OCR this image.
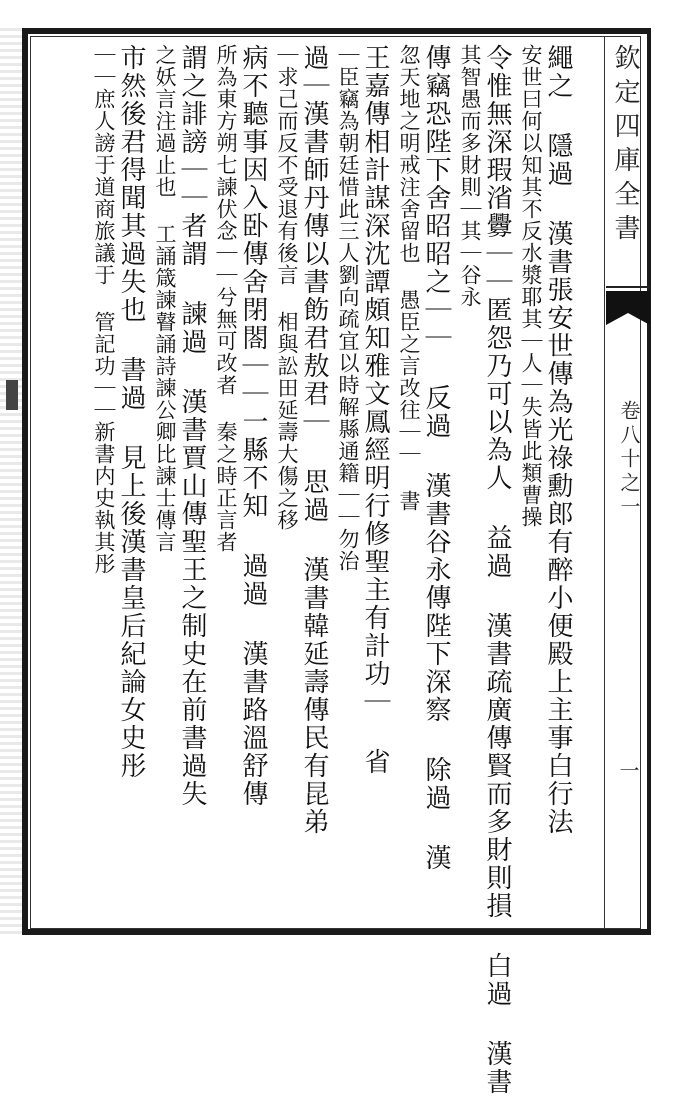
欽定四庫全書
卷八十之一
一
繩之 隱過 漢書張安世傳為光祿勳郎有醉小便殿上主事白行法
安世曰何以知其不反水漿耶其｜人｜失皆此類曹操
令惟無深瑕渻釁｜｜匿怨乃可以為人 益過 漢書疏廣傳賢而多財則損 白過 漢書
其智愚而多財則｜其｜谷永
傳竊恐陛下舍昭昭之｜｜ 反過 漢書谷永傳陛下深察 除過 漢
忽天地之明戒注舍留也 愚臣之言改往｜｜ 書
王嘉傳相計謀深沈譚頗知雅文鳳經明行修聖主有計功｜ 省
｜臣竊為朝廷惜此三人劉向疏宜以時解縣通籍｜｜勿治
過｜漢書師丹傳以書飭君敖君｜ 思過 漢書韓延壽傳民有昆弟
｜求己而反不受退有後言 相與訟田延壽大傷之移
病不聽事因入卧傳舍閉閤｜｜一縣不知 過過 漢書路溫舒傳
所為東方朔七諫伏念｜｜兮無可改者 秦之時正言者
謂之誹謗｜｜者謂 諫過 漢書賈山傳聖王之制史在前書過失
之妖言注過止也 工誦箴諫瞽誦詩諫公卿比諫士傳言
市然後君得聞其過失也 書過 見上後漢書皇后紀論女史彤
｜｜庶人謗于道商旅議于 管記功｜｜新書内史執其彤
